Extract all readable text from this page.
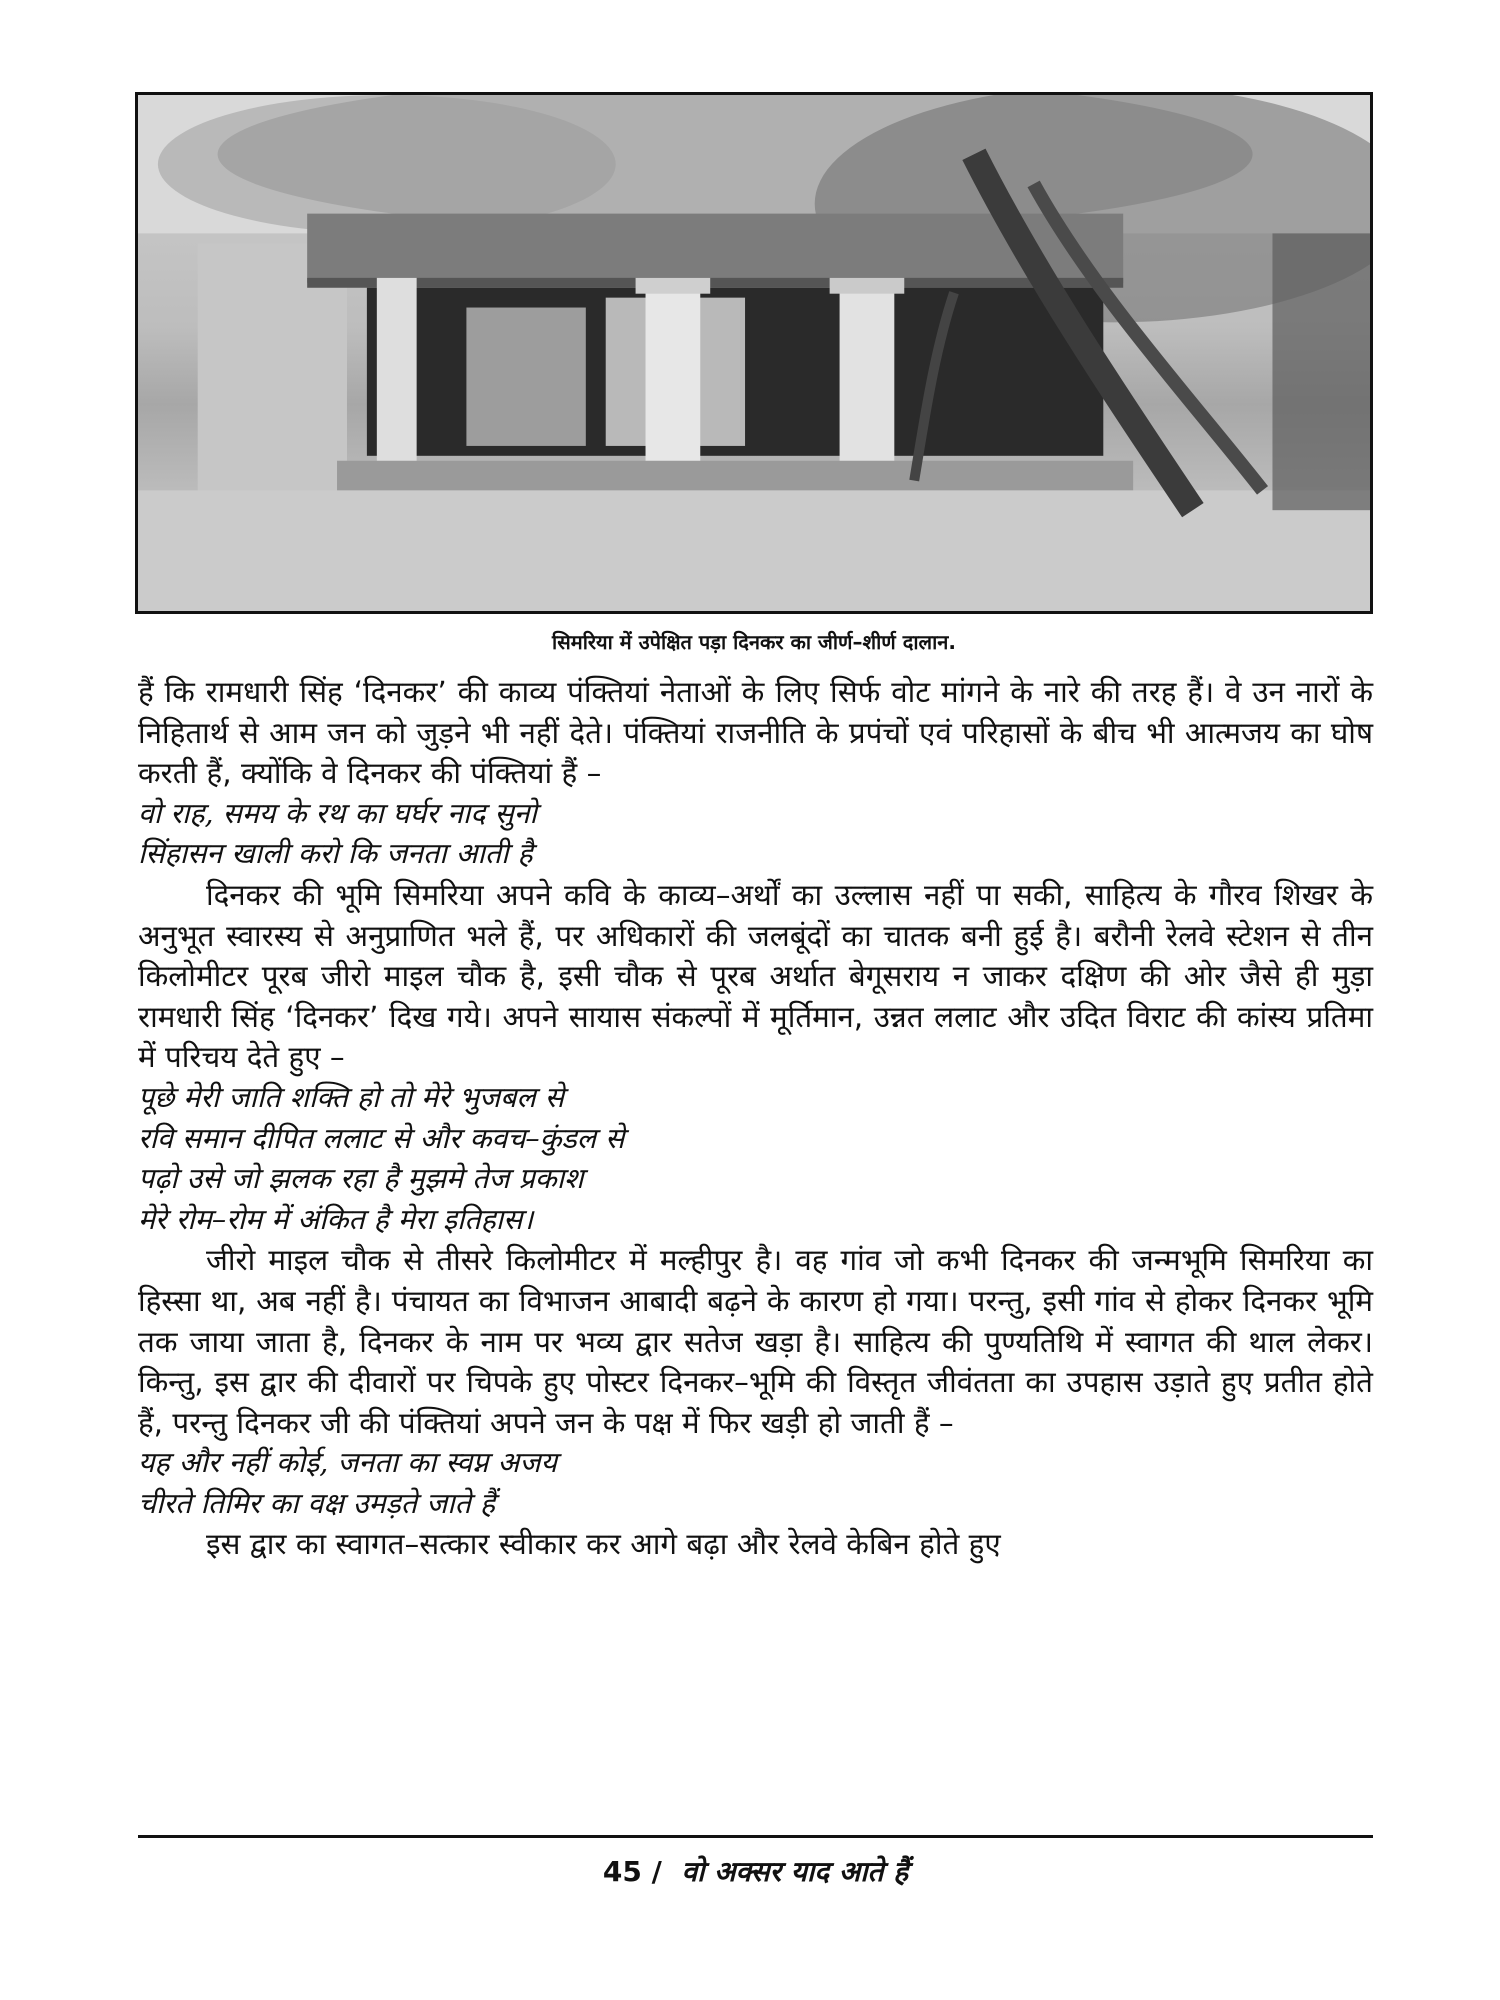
सिमरिया में उपेक्षित पड़ा दिनकर का जीर्ण–शीर्ण दालान.

हैं कि रामधारी सिंह ‘दिनकर’ की काव्य पंक्तियां नेताओं के लिए सिर्फ वोट मांगने के नारे की तरह हैं। वे उन नारों के निहितार्थ से आम जन को जुड़ने भी नहीं देते। पंक्तियां राजनीति के प्रपंचों एवं परिहासों के बीच भी आत्मजय का घोष करती हैं, क्योंकि वे दिनकर की पंक्तियां हैं –

वो राह, समय के रथ का घर्घर नाद सुनो

सिंहासन खाली करो कि जनता आती है

दिनकर की भूमि सिमरिया अपने कवि के काव्य–अर्थों का उल्लास नहीं पा सकी, साहित्य के गौरव शिखर के अनुभूत स्वारस्य से अनुप्राणित भले हैं, पर अधिकारों की जलबूंदों का चातक बनी हुई है। बरौनी रेलवे स्टेशन से तीन किलोमीटर पूरब जीरो माइल चौक है, इसी चौक से पूरब अर्थात बेगूसराय न जाकर दक्षिण की ओर जैसे ही मुड़ा रामधारी सिंह ‘दिनकर’ दिख गये। अपने सायास संकल्पों में मूर्तिमान, उन्नत ललाट और उदित विराट की कांस्य प्रतिमा में परिचय देते हुए –

पूछे मेरी जाति शक्ति हो तो मेरे भुजबल से

रवि समान दीपित ललाट से और कवच–कुंडल से

पढ़ो उसे जो झलक रहा है मुझमे तेज प्रकाश

मेरे रोम–रोम में अंकित है मेरा इतिहास।

जीरो माइल चौक से तीसरे किलोमीटर में मल्हीपुर है। वह गांव जो कभी दिनकर की जन्मभूमि सिमरिया का हिस्सा था, अब नहीं है। पंचायत का विभाजन आबादी बढ़ने के कारण हो गया। परन्तु, इसी गांव से होकर दिनकर भूमि तक जाया जाता है, दिनकर के नाम पर भव्य द्वार सतेज खड़ा है। साहित्य की पुण्यतिथि में स्वागत की थाल लेकर। किन्तु, इस द्वार की दीवारों पर चिपके हुए पोस्टर दिनकर–भूमि की विस्तृत जीवंतता का उपहास उड़ाते हुए प्रतीत होते हैं, परन्तु दिनकर जी की पंक्तियां अपने जन के पक्ष में फिर खड़ी हो जाती हैं –

यह और नहीं कोई, जनता का स्वप्न अजय

चीरते तिमिर का वक्ष उमड़ते जाते हैं

इस द्वार का स्वागत–सत्कार स्वीकार कर आगे बढ़ा और रेलवे केबिन होते हुए

45 / वो अक्सर याद आते हैं
